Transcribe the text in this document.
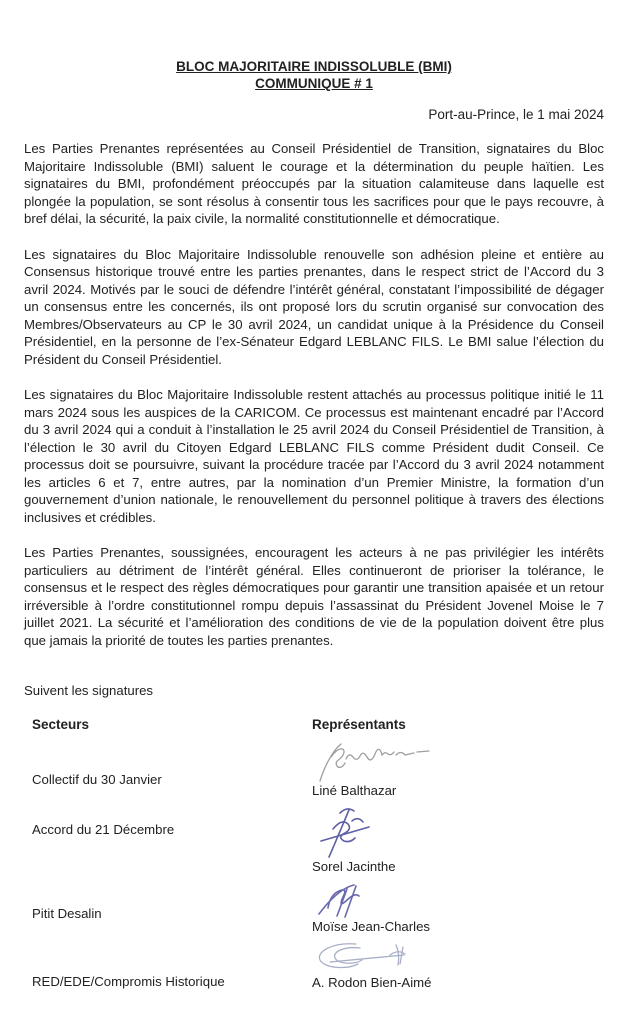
BLOC MAJORITAIRE INDISSOLUBLE (BMI)
COMMUNIQUE # 1
Port-au-Prince, le 1 mai 2024

Les Parties Prenantes représentées au Conseil Présidentiel de Transition, signataires du Bloc Majoritaire Indissoluble (BMI) saluent le courage et la détermination du peuple haïtien. Les signataires du BMI, profondément préoccupés par la situation calamiteuse dans laquelle est plongée la population, se sont résolus à consentir tous les sacrifices pour que le pays recouvre, à bref délai, la sécurité, la paix civile, la normalité constitutionnelle et démocratique.

Les signataires du Bloc Majoritaire Indissoluble renouvelle son adhésion pleine et entière au Consensus historique trouvé entre les parties prenantes, dans le respect strict de l’Accord du 3 avril 2024. Motivés par le souci de défendre l’intérêt général, constatant l’impossibilité de dégager un consensus entre les concernés, ils ont proposé lors du scrutin organisé sur convocation des Membres/Observateurs au CP le 30 avril 2024, un candidat unique à la Présidence du Conseil Présidentiel, en la personne de l’ex-Sénateur Edgard LEBLANC FILS. Le BMI salue l’élection du Président du Conseil Présidentiel.

Les signataires du Bloc Majoritaire Indissoluble restent attachés au processus politique initié le 11 mars 2024 sous les auspices de la CARICOM. Ce processus est maintenant encadré par l’Accord du 3 avril 2024 qui a conduit à l’installation le 25 avril 2024 du Conseil Présidentiel de Transition, à l’élection le 30 avril du Citoyen Edgard LEBLANC FILS comme Président dudit Conseil. Ce processus doit se poursuivre, suivant la procédure tracée par l’Accord du 3 avril 2024 notamment les articles 6 et 7, entre autres, par la nomination d’un Premier Ministre, la formation d’un gouvernement d’union nationale, le renouvellement du personnel politique à travers des élections inclusives et crédibles.

Les Parties Prenantes, soussignées, encouragent les acteurs à ne pas privilégier les intérêts particuliers au détriment de l’intérêt général. Elles continueront de prioriser la tolérance, le consensus et le respect des règles démocratiques pour garantir une transition apaisée et un retour irréversible à l’ordre constitutionnel rompu depuis l’assassinat du Président Jovenel Moise le 7 juillet 2021. La sécurité et l’amélioration des conditions de vie de la population doivent être plus que jamais la priorité de toutes les parties prenantes.

Suivent les signatures
Secteurs	Représentants
Collectif du 30 Janvier
Liné Balthazar
Accord du 21 Décembre
Sorel Jacinthe
Pitit Desalin
Moïse Jean-Charles
RED/EDE/Compromis Historique	A. Rodon Bien-Aimé
